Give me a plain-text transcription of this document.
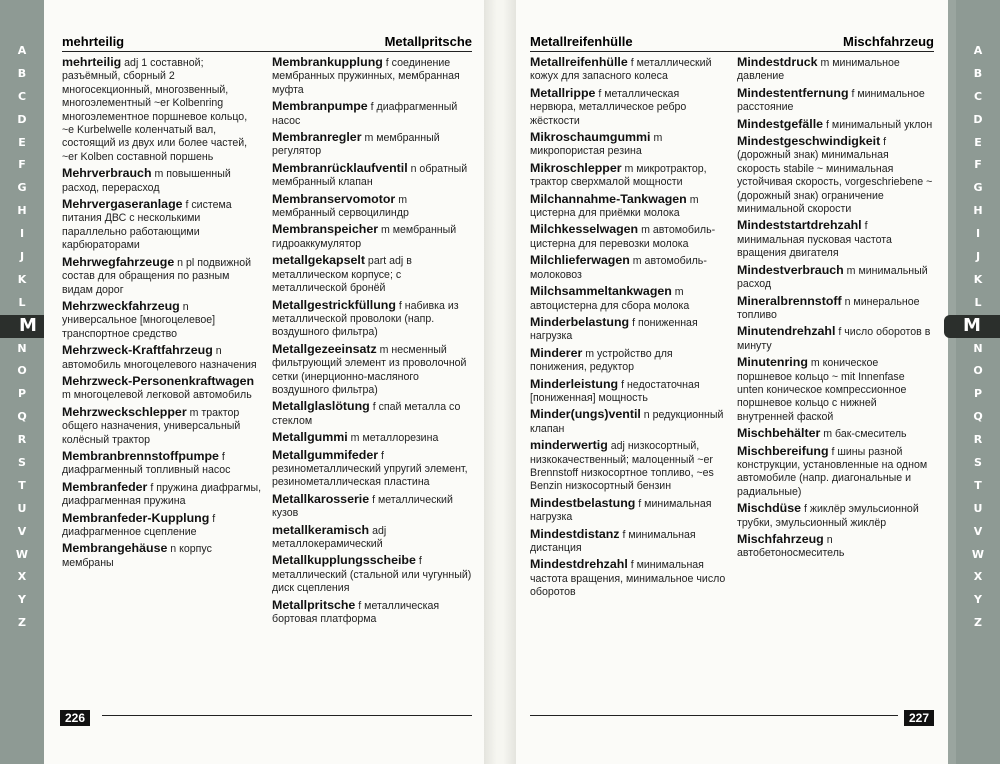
A
B
C
D
E
F
G
H
I
J
K
L
M
N
O
P
Q
R
S
T
U
V
W
X
Y
Z
mehrteilig	Metallpritsche
mehrteilig adj 1 составной; разъёмный, сборный 2 многосекционный, многозвенный, многоэлементный ~er Kolbenring многоэлементное поршневое кольцо, ~e Kurbelwelle коленчатый вал, состоящий из двух или более частей, ~er Kolben составной поршень
Mehrverbrauch m повышенный расход, перерасход
Mehrvergaseranlage f система питания ДВС с несколькими параллельно работающими карбюраторами
Mehrwegfahrzeuge n pl подвижной состав для обращения по разным видам дорог
Mehrzweckfahrzeug n универсальное [многоцелевое] транспортное средство
Mehrzweck-Kraftfahrzeug n автомобиль многоцелевого назначения
Mehrzweck-Personenkraftwagen m многоцелевой легковой автомобиль
Mehrzweckschlepper m трактор общего назначения, универсальный колёсный трактор
Membranbrennstoffpumpe f диафрагменный топливный насос
Membranfeder f пружина диафрагмы, диафрагменная пружина
Membranfeder-Kupplung f диафрагменное сцепление
Membrangehäuse n корпус мембраны
Membrankupplung f соединение мембранных пружинных, мембранная муфта
Membranpumpe f диафрагменный насос
Membranregler m мембранный регулятор
Membranrücklaufventil n обратный мембранный клапан
Membranservomotor m мембранный сервоцилиндр
Membranspeicher m мембранный гидроаккумулятор
metallgekapselt part adj в металлическом корпусе; с металлической бронёй
Metallgestrickfüllung f набивка из металлической проволоки (напр. воздушного фильтра)
Metallgezeeinsatz m несменный фильтрующий элемент из проволочной сетки (инерционно-масляного воздушного фильтра)
Metallglaslötung f спай металла со стеклом
Metallgummi m металлорезина
Metallgummifeder f резинометаллический упругий элемент, резинометаллическая пластина
Metallkarosserie f металлический кузов
metallkeramisch adj металлокерамический
Metallkupplungsscheibe f металлический (стальной или чугунный) диск сцепления
Metallpritsche f металлическая бортовая платформа
226
Metallreifenhülle	Mischfahrzeug
Metallreifenhülle f металлический кожух для запасного колеса
Metallrippe f металлическая нервюра, металлическое ребро жёсткости
Mikroschaumgummi m микропористая резина
Mikroschlepper m микротрактор, трактор сверхмалой мощности
Milchannahme-Tankwagen m цистерна для приёмки молока
Milchkesselwagen m автомобиль-цистерна для перевозки молока
Milchlieferwagen m автомобиль-молоковоз
Milchsammeltankwagen m автоцистерна для сбора молока
Minderbelastung f пониженная нагрузка
Minderer m устройство для понижения, редуктор
Minderleistung f недостаточная [пониженная] мощность
Minder(ungs)ventil n редукционный клапан
minderwertig adj низкосортный, низкокачественный; малоценный ~er Brennstoff низкосортное топливо, ~es Benzin низкосортный бензин
Mindestbelastung f минимальная нагрузка
Mindestdistanz f минимальная дистанция
Mindestdrehzahl f минимальная частота вращения, минимальное число оборотов
Mindestdruck m минимальное давление
Mindestentfernung f минимальное расстояние
Mindestgefälle f минимальный уклон
Mindestgeschwindigkeit f (дорожный знак) минимальная скорость stabile ~ минимальная устойчивая скорость, vorgeschriebene ~ (дорожный знак) ограничение минимальной скорости
Mindeststartdrehzahl f минимальная пусковая частота вращения двигателя
Mindestverbrauch m минимальный расход
Mineralbrennstoff n минеральное топливо
Minutendrehzahl f число оборотов в минуту
Minutenring m коническое поршневое кольцо ~ mit Innenfase unten коническое компрессионное поршневое кольцо с нижней внутренней фаской
Mischbehälter m бак-смеситель
Mischbereifung f шины разной конструкции, установленные на одном автомобиле (напр. диагональные и радиальные)
Mischdüse f жиклёр эмульсионной трубки, эмульсионный жиклёр
Mischfahrzeug n автобетоносмеситель
227
A
B
C
D
E
F
G
H
I
J
K
L
M
N
O
P
Q
R
S
T
U
V
W
X
Y
Z
